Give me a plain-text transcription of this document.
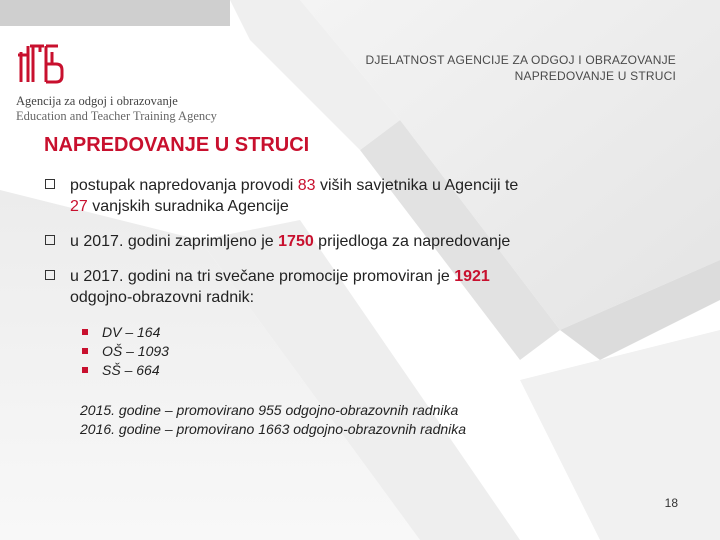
Agencija za odgoj i obrazovanje
Education and Teacher Training Agency
DJELATNOST AGENCIJE ZA ODGOJ I OBRAZOVANJE
NAPREDOVANJE U STRUCI
NAPREDOVANJE U STRUCI
postupak napredovanja provodi 83 viših savjetnika u Agenciji te
27 vanjskih suradnika Agencije
u 2017. godini zaprimljeno je 1750 prijedloga za napredovanje
u 2017. godini na tri svečane promocije promoviran je 1921
odgojno-obrazovni radnik:
DV – 164
OŠ – 1093
SŠ – 664
2015. godine – promovirano 955 odgojno-obrazovnih radnika
2016. godine – promovirano 1663 odgojno-obrazovnih radnika
18
